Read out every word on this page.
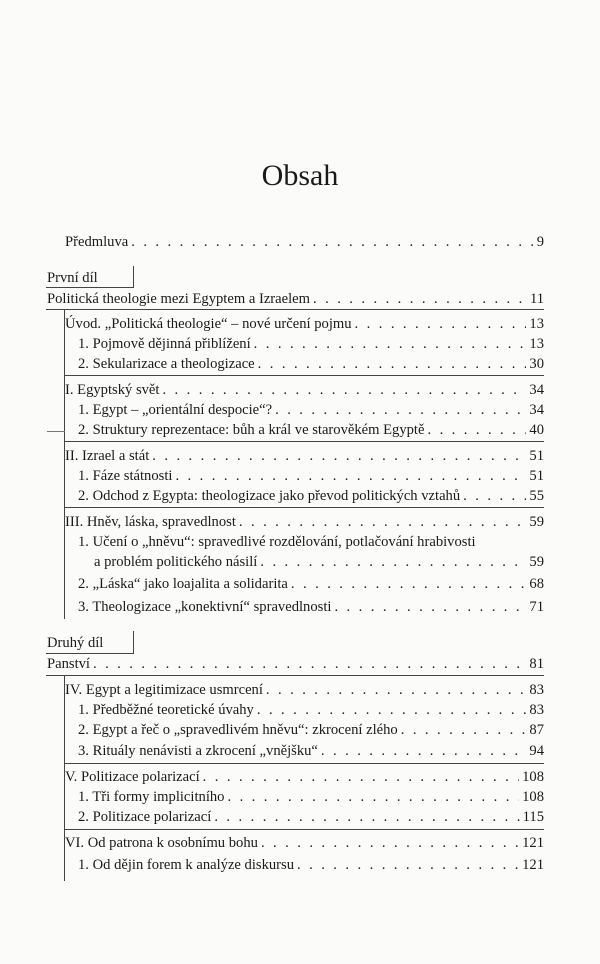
Obsah
Předmluva . . .	9
První díl
Politická theologie mezi Egyptem a Izraelem . . .	11
Úvod. „Politická theologie“ – nové určení pojmu . . .	13
1. Pojmově dějinná přiblížení . . .	13
2. Sekularizace a theologizace . . .	30
I. Egyptský svět . . .	34
1. Egypt – „orientální despocie“? . . .	34
2. Struktury reprezentace: bůh a král ve starověkém Egyptě . . .	40
II. Izrael a stát . . .	51
1. Fáze státnosti . . .	51
2. Odchod z Egypta: theologizace jako převod politických vztahů . . .	55
III. Hněv, láska, spravedlnost . . .	59
1. Učení o „hněvu“: spravedlivé rozdělování, potlačování hrabivosti
a problém politického násilí . . .	59
2. „Láska“ jako loajalita a solidarita . . .	68
3. Theologizace „konektivní“ spravedlnosti . . .	71
Druhý díl
Panství . . .	81
IV. Egypt a legitimizace usmrcení . . .	83
1. Předběžné teoretické úvahy . . .	83
2. Egypt a řeč o „spravedlivém hněvu“: zkrocení zlého . . .	87
3. Rituály nenávisti a zkrocení „vnějšku“ . . .	94
V. Politizace polarizací . . .	108
1. Tři formy implicitního . . .	108
2. Politizace polarizací . . .	115
VI. Od patrona k osobnímu bohu . . .	121
1. Od dějin forem k analýze diskursu . . .	121
